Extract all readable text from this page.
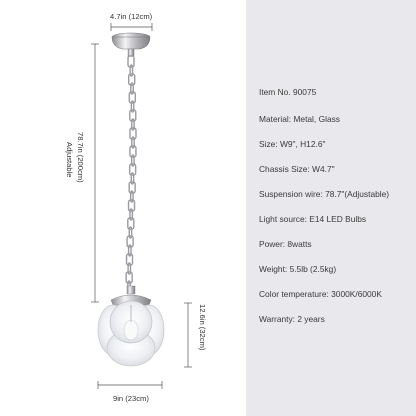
4.7in (12cm)
78.7in (200cm)
Adjustable
12.6in (32cm)
9in (23cm)
Item No. 90075
Material: Metal, Glass
Size: W9", H12.6"
Chassis Size: W4.7"
Suspension wire: 78.7"(Adjustable)
Light source: E14 LED Bulbs
Power: 8watts
Weight: 5.5lb (2.5kg)
Color temperature: 3000K/6000K
Warranty: 2 years
